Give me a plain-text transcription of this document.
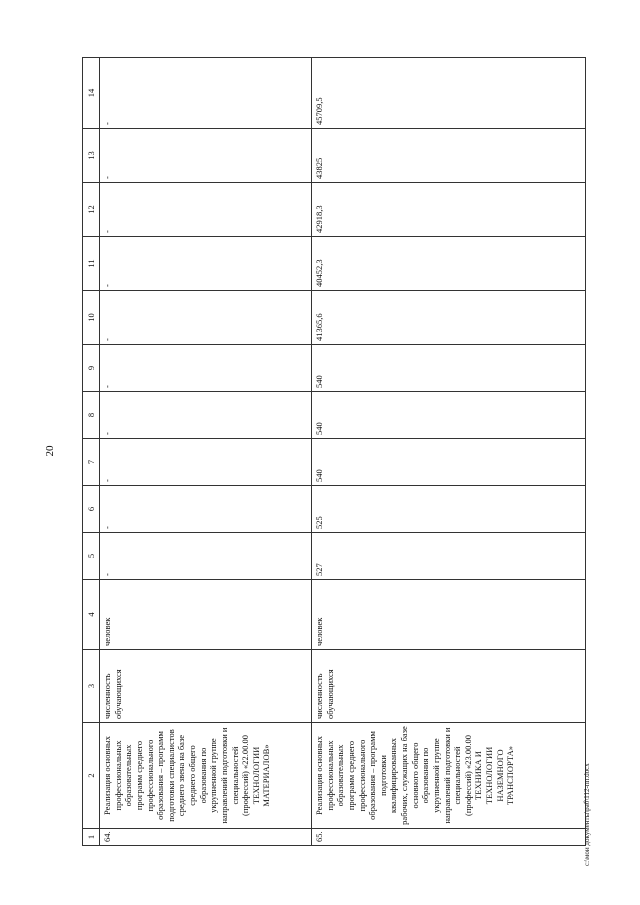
20
1	2	3	4	5	6	7	8	9	10	11	12	13	14
64.	Реализация основных профессиональных образовательных программ среднего профессионального образования – программ подготовки специалистов среднего звена на базе среднего общего образования по укрупненной группе направлений подготовки и специальностей (профессий) «22.00.00 ТЕХНОЛОГИИ МАТЕРИАЛОВ»	численность обучающихся	человек	-	-	-	-	-	-	-	-	-	-
65.	Реализация основных профессиональных образовательных программ среднего профессионального образования – программ подготовки квалифицированных рабочих, служащих на базе основного общего образования по укрупненной группе направлений подготовки и специальностей (профессий) «23.00.00 ТЕХНИКА И ТЕХНОЛОГИИ НАЗЕМНОГО ТРАНСПОРТА»	численность обучающихся	человек	527	525	540	540	540	41365,6	40452,3	42918,3	43825	45709,5
c:\мои документы\раб\112-пп.docx
